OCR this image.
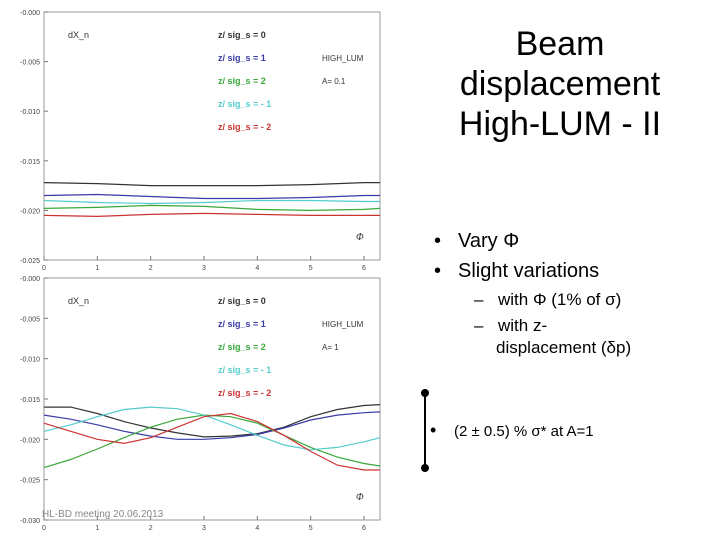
-0.000
-0.005
-0.010
-0.015
-0.020
-0.025
0	1	2	3	4	5	6
dX_n	z/ sig_s = 0
z/ sig_s = 1
z/ sig_s = 2
z/ sig_s = - 1
z/ sig_s = - 2
HIGH_LUM
A= 0.1
Φ
-0.000
-0.005
-0.010
-0.015
-0.020
-0.025
-0.030
0	1	2	3	4	5	6
dX_n	z/ sig_s = 0
z/ sig_s = 1
z/ sig_s = 2
z/ sig_s = - 1
z/ sig_s = - 2
HIGH_LUM
A= 1
Φ
Beam
displacement
High-LUM - II
• Vary Φ
• Slight variations
– with Φ (1% of σ)
– with z-
displacement (δp)
• (2 ± 0.5) % σ* at A=1
HL-BD meeting 20.06.2013
